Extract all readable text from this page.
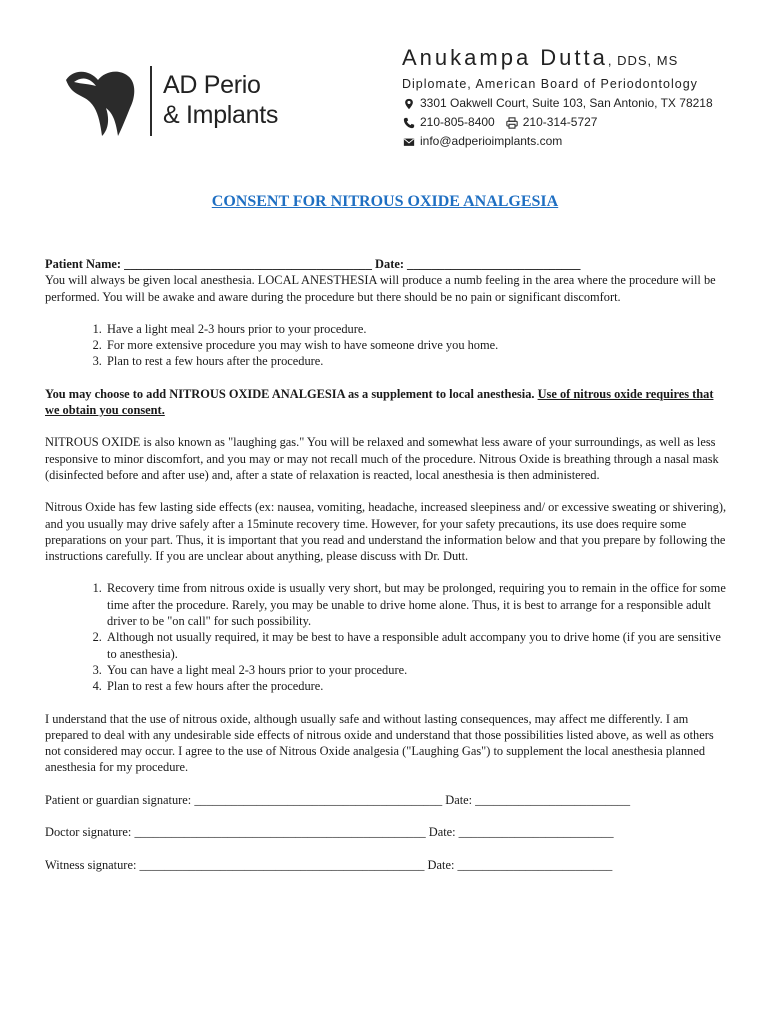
AD Perio
& Implants
Anukampa Dutta, DDS, MS
Diplomate, American Board of Periodontology
3301 Oakwell Court, Suite 103, San Antonio, TX 78218
210-805-8400 210-314-5727
info@adperioimplants.com
CONSENT FOR NITROUS OXIDE ANALGESIA

Patient Name: ________________________________________ Date: ____________________________

You will always be given local anesthesia. LOCAL ANESTHESIA will produce a numb feeling in the area where the procedure will be performed. You will be awake and aware during the procedure but there should be no pain or significant discomfort.

1. Have a light meal 2-3 hours prior to your procedure.
2. For more extensive procedure you may wish to have someone drive you home.
3. Plan to rest a few hours after the procedure.

You may choose to add NITROUS OXIDE ANALGESIA as a supplement to local anesthesia. Use of nitrous oxide requires that we obtain you consent.

NITROUS OXIDE is also known as "laughing gas." You will be relaxed and somewhat less aware of your surroundings, as well as less responsive to minor discomfort, and you may or may not recall much of the procedure. Nitrous Oxide is breathing through a nasal mask (disinfected before and after use) and, after a state of relaxation is reacted, local anesthesia is then administered.

Nitrous Oxide has few lasting side effects (ex: nausea, vomiting, headache, increased sleepiness and/ or excessive sweating or shivering), and you usually may drive safely after a 15minute recovery time. However, for your safety precautions, its use does require some preparations on your part. Thus, it is important that you read and understand the information below and that you prepare by following the instructions carefully. If you are unclear about anything, please discuss with Dr. Dutt.

1. Recovery time from nitrous oxide is usually very short, but may be prolonged, requiring you to remain in the office for some time after the procedure. Rarely, you may be unable to drive home alone. Thus, it is best to arrange for a responsible adult driver to be "on call" for such possibility.
2. Although not usually required, it may be best to have a responsible adult accompany you to drive home (if you are sensitive to anesthesia).
3. You can have a light meal 2-3 hours prior to your procedure.
4. Plan to rest a few hours after the procedure.

I understand that the use of nitrous oxide, although usually safe and without lasting consequences, may affect me differently. I am prepared to deal with any undesirable side effects of nitrous oxide and understand that those possibilities listed above, as well as others not considered may occur. I agree to the use of Nitrous Oxide analgesia ("Laughing Gas") to supplement the local anesthesia planned anesthesia for my procedure.

Patient or guardian signature: ________________________________________ Date: _________________________
Doctor signature: _______________________________________________ Date: _________________________
Witness signature: ______________________________________________ Date: _________________________
